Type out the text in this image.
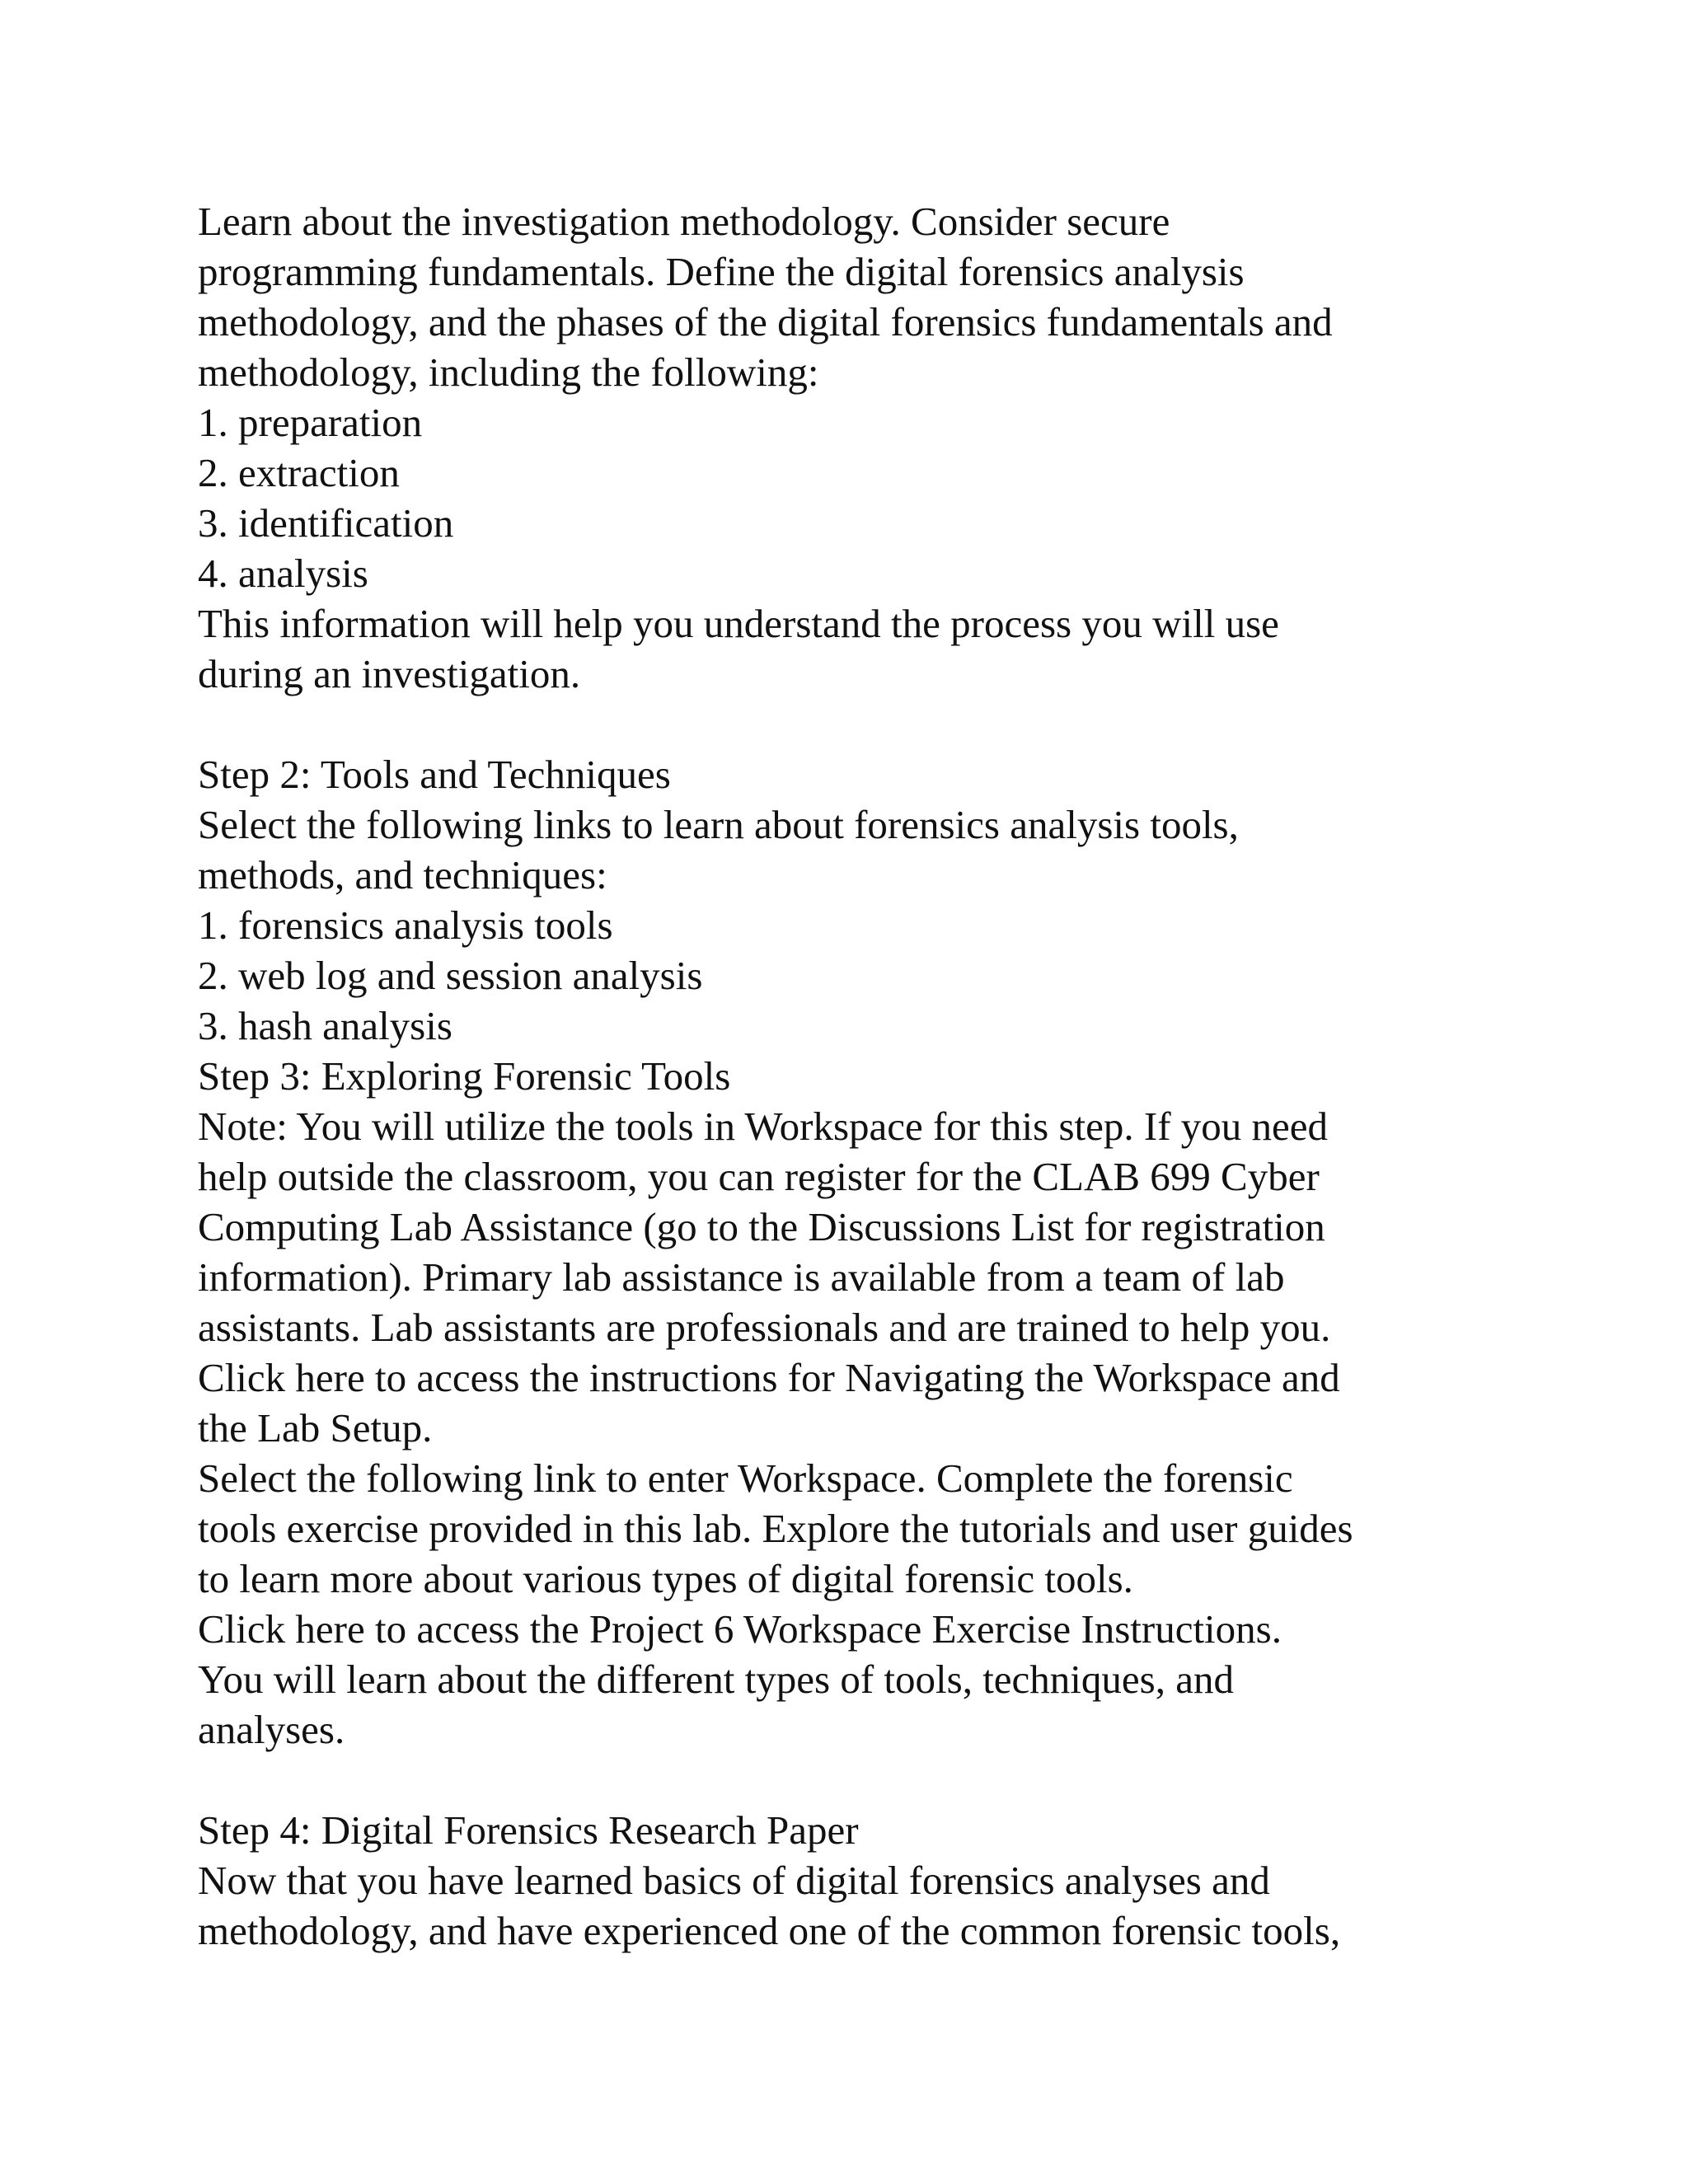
Learn about the investigation methodology. Consider secure
programming fundamentals. Define the digital forensics analysis
methodology, and the phases of the digital forensics fundamentals and
methodology, including the following:
1. preparation
2. extraction
3. identification
4. analysis
This information will help you understand the process you will use
during an investigation.
Step 2: Tools and Techniques
Select the following links to learn about forensics analysis tools,
methods, and techniques:
1. forensics analysis tools
2. web log and session analysis
3. hash analysis
Step 3: Exploring Forensic Tools
Note: You will utilize the tools in Workspace for this step. If you need
help outside the classroom, you can register for the CLAB 699 Cyber
Computing Lab Assistance (go to the Discussions List for registration
information). Primary lab assistance is available from a team of lab
assistants. Lab assistants are professionals and are trained to help you.
Click here to access the instructions for Navigating the Workspace and
the Lab Setup.
Select the following link to enter Workspace. Complete the forensic
tools exercise provided in this lab. Explore the tutorials and user guides
to learn more about various types of digital forensic tools.
Click here to access the Project 6 Workspace Exercise Instructions.
You will learn about the different types of tools, techniques, and
analyses.
Step 4: Digital Forensics Research Paper
Now that you have learned basics of digital forensics analyses and
methodology, and have experienced one of the common forensic tools,
